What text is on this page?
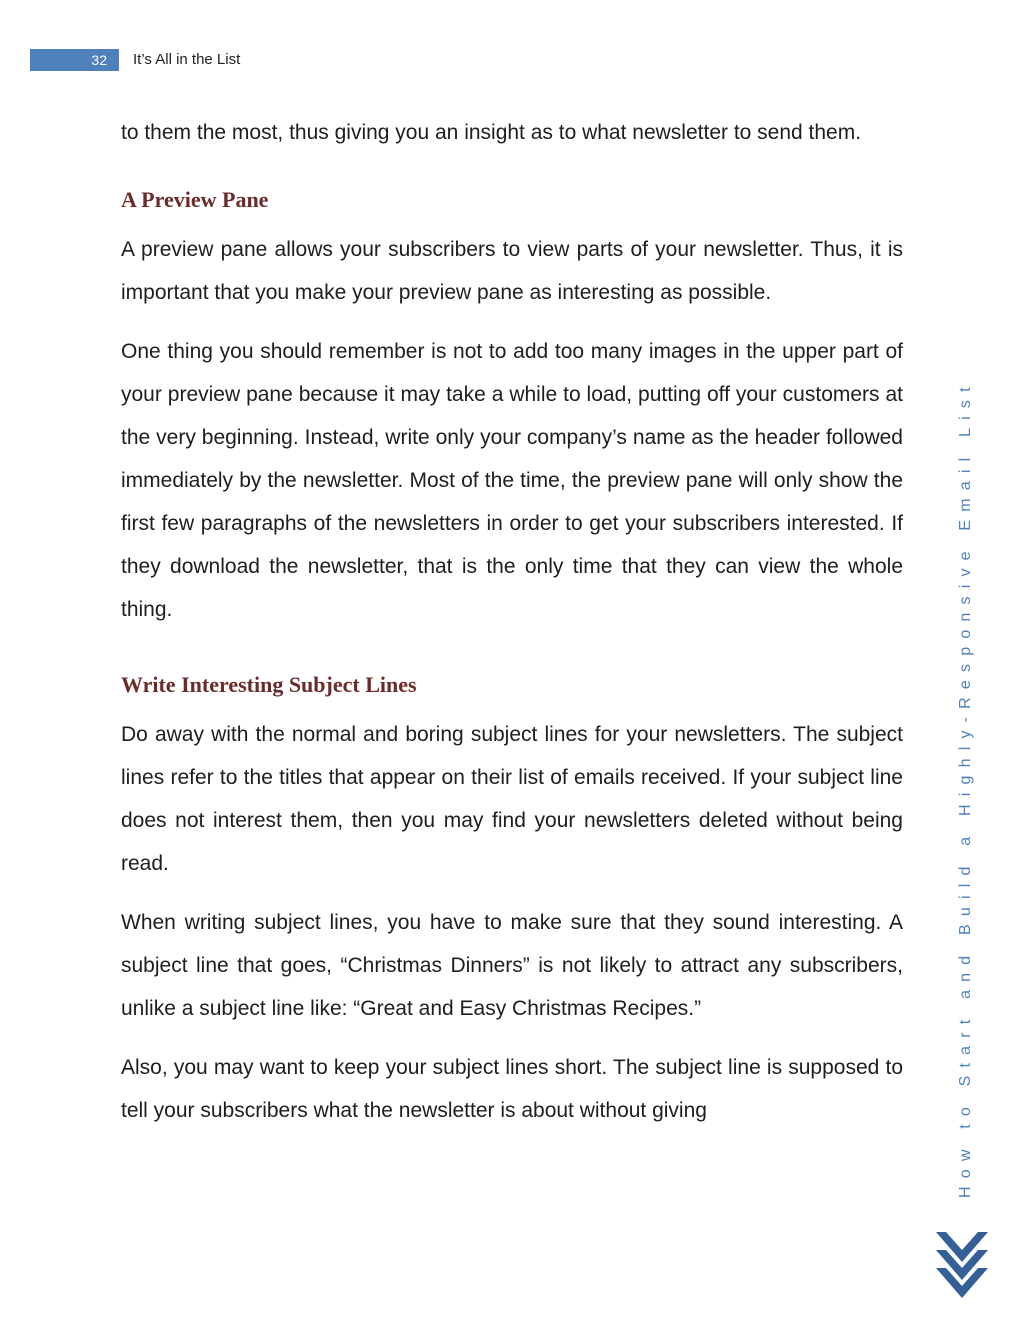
32	It’s All in the List

to them the most, thus giving you an insight as to what newsletter to send them.

A Preview Pane

A preview pane allows your subscribers to view parts of your newsletter. Thus, it is important that you make your preview pane as interesting as possible.

One thing you should remember is not to add too many images in the upper part of your preview pane because it may take a while to load, putting off your customers at the very beginning. Instead, write only your company’s name as the header followed immediately by the newsletter. Most of the time, the preview pane will only show the first few paragraphs of the newsletters in order to get your subscribers interested. If they download the newsletter, that is the only time that they can view the whole thing.

Write Interesting Subject Lines

Do away with the normal and boring subject lines for your newsletters. The subject lines refer to the titles that appear on their list of emails received. If your subject line does not interest them, then you may find your newsletters deleted without being read.

When writing subject lines, you have to make sure that they sound interesting. A subject line that goes, “Christmas Dinners” is not likely to attract any subscribers, unlike a subject line like: “Great and Easy Christmas Recipes.”

Also, you may want to keep your subject lines short. The subject line is supposed to tell your subscribers what the newsletter is about without giving	How to Start and Build a Highly-Responsive Email List
